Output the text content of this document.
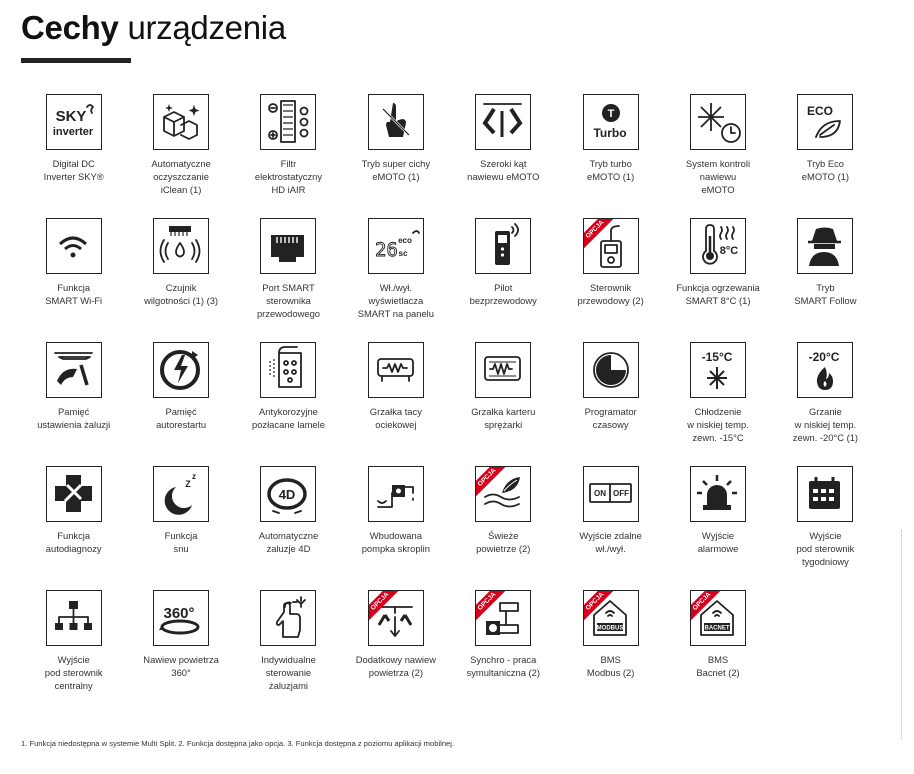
Cechy urządzenia
SKY
inverter
Digital DC
Inverter SKY®
Automatyczne
oczyszczanie
iClean (1)
Filtr
elektrostatyczny
HD iAIR
Tryb super cichy
eMOTO (1)
Szeroki kąt
nawiewu eMOTO
T
Turbo
Tryb turbo
eMOTO (1)
System kontroli
nawiewu
eMOTO
ECO
Tryb Eco
eMOTO (1)
Funkcja
SMART Wi-Fi
Czujnik
wilgotności (1) (3)
Port SMART
sterownika
przewodowego
26 eco
sc
Wł./wył.
wyświetlacza
SMART na panelu
Pilot
bezprzewodowy
OPCJA
Sterownik
przewodowy (2)
8°C
Funkcja ogrzewania
SMART 8°C (1)
Tryb
SMART Follow
Pamięć
ustawienia żaluzji
Pamięć
autorestartu
Antykorozyjne
pozłacane lamele
Grzałka tacy
ociekowej
Grzałka karteru
sprężarki
Programator
czasowy
-15°C
Chłodzenie
w niskiej temp.
zewn. -15°C
-20°C
Grzanie
w niskiej temp.
zewn. -20°C (1)
Funkcja
autodiagnozy
Z
z
Funkcja
snu
4D
Automatyczne
żaluzje 4D
Wbudowana
pompka skroplin
OPCJA
Świeże
powietrze (2)
ON OFF
Wyjście zdalne
wł./wył.
Wyjście
alarmowe
Wyjście
pod sterownik
tygodniowy
Wyjście
pod sterownik
centralny
360°
Nawiew powietrza
360°
Indywidualne
sterowanie
żaluzjami
OPCJA
Dodatkowy nawiew
powietrza (2)
OPCJA
Synchro - praca
symultaniczna (2)
MODBUS
OPCJA
BMS
Modbus (2)
BACNET
OPCJA
BMS
Bacnet (2)
1. Funkcja niedostępna w systemie Multi Split. 2. Funkcja dostępna jako opcja. 3. Funkcja dostępna z poziomu aplikacji mobilnej.
